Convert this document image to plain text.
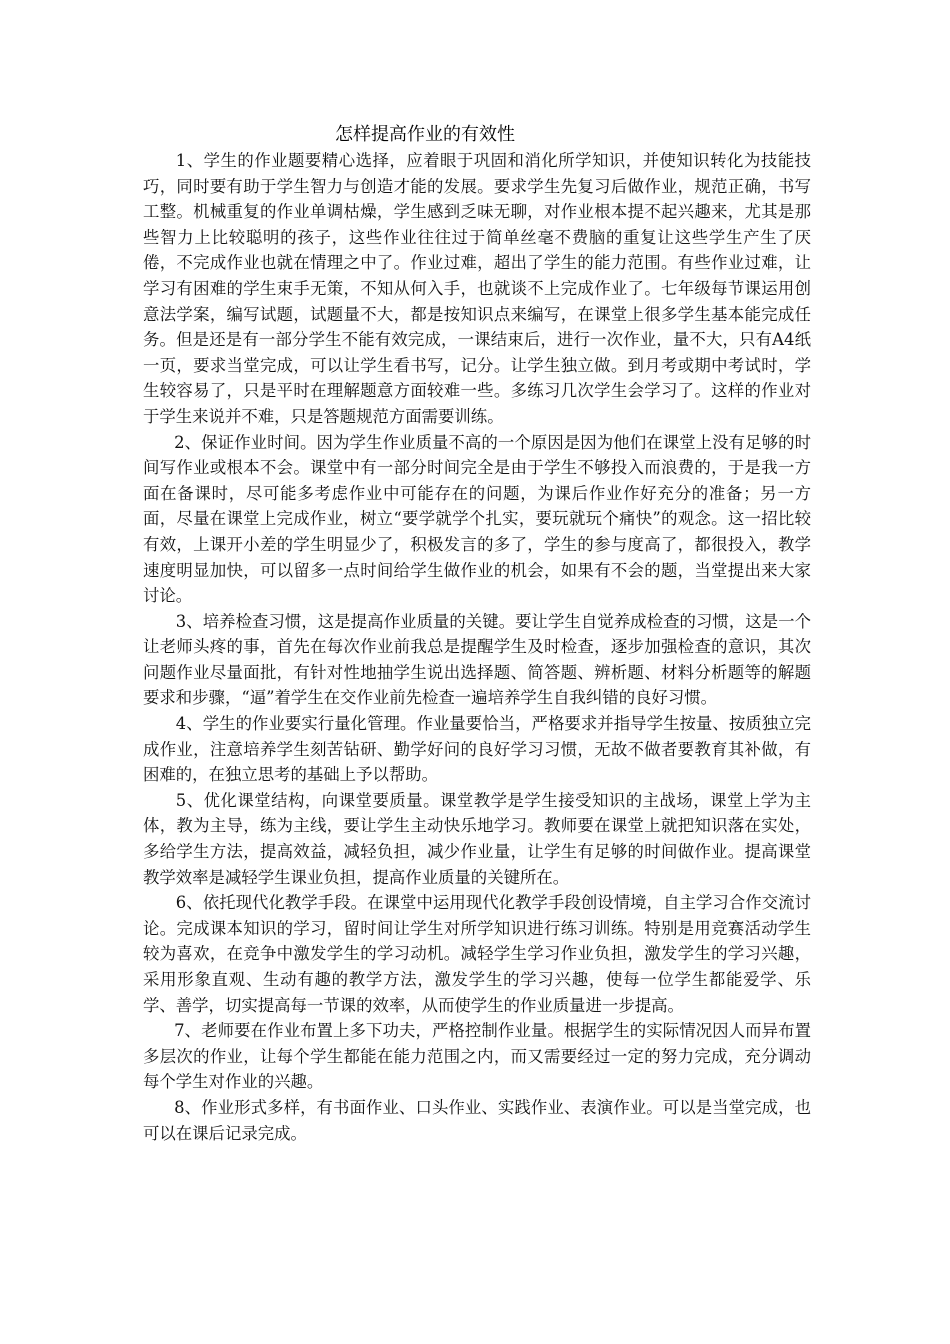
怎样提高作业的有效性

1、学生的作业题要精心选择，应着眼于巩固和消化所学知识，并使知识转化为技能技巧，同时要有助于学生智力与创造才能的发展。要求学生先复习后做作业，规范正确，书写工整。机械重复的作业单调枯燥，学生感到乏味无聊，对作业根本提不起兴趣来，尤其是那些智力上比较聪明的孩子，这些作业往往过于简单丝毫不费脑的重复让这些学生产生了厌倦，不完成作业也就在情理之中了。作业过难，超出了学生的能力范围。有些作业过难，让学习有困难的学生束手无策，不知从何入手，也就谈不上完成作业了。七年级每节课运用创意法学案，编写试题，试题量不大，都是按知识点来编写，在课堂上很多学生基本能完成任务。但是还是有一部分学生不能有效完成，一课结束后，进行一次作业，量不大，只有A4纸一页，要求当堂完成，可以让学生看书写，记分。让学生独立做。到月考或期中考试时，学生较容易了，只是平时在理解题意方面较难一些。多练习几次学生会学习了。这样的作业对于学生来说并不难，只是答题规范方面需要训练。

2、保证作业时间。因为学生作业质量不高的一个原因是因为他们在课堂上没有足够的时间写作业或根本不会。课堂中有一部分时间完全是由于学生不够投入而浪费的，于是我一方面在备课时，尽可能多考虑作业中可能存在的问题，为课后作业作好充分的准备；另一方面，尽量在课堂上完成作业，树立“要学就学个扎实，要玩就玩个痛快”的观念。这一招比较有效，上课开小差的学生明显少了，积极发言的多了，学生的参与度高了，都很投入，教学速度明显加快，可以留多一点时间给学生做作业的机会，如果有不会的题，当堂提出来大家讨论。

3、培养检查习惯，这是提高作业质量的关键。要让学生自觉养成检查的习惯，这是一个让老师头疼的事，首先在每次作业前我总是提醒学生及时检查，逐步加强检查的意识，其次问题作业尽量面批，有针对性地抽学生说出选择题、简答题、辨析题、材料分析题等的解题要求和步骤，“逼”着学生在交作业前先检查一遍培养学生自我纠错的良好习惯。

4、学生的作业要实行量化管理。作业量要恰当，严格要求并指导学生按量、按质独立完成作业，注意培养学生刻苦钻研、勤学好问的良好学习习惯，无故不做者要教育其补做，有困难的，在独立思考的基础上予以帮助。

5、优化课堂结构，向课堂要质量。课堂教学是学生接受知识的主战场，课堂上学为主体，教为主导，练为主线，要让学生主动快乐地学习。教师要在课堂上就把知识落在实处，多给学生方法，提高效益，减轻负担，减少作业量，让学生有足够的时间做作业。提高课堂教学效率是减轻学生课业负担，提高作业质量的关键所在。

6、依托现代化教学手段。在课堂中运用现代化教学手段创设情境，自主学习合作交流讨论。完成课本知识的学习，留时间让学生对所学知识进行练习训练。特别是用竞赛活动学生较为喜欢，在竞争中激发学生的学习动机。减轻学生学习作业负担，激发学生的学习兴趣，采用形象直观、生动有趣的教学方法，激发学生的学习兴趣，使每一位学生都能爱学、乐学、善学，切实提高每一节课的效率，从而使学生的作业质量进一步提高。

7、老师要在作业布置上多下功夫，严格控制作业量。根据学生的实际情况因人而异布置多层次的作业，让每个学生都能在能力范围之内，而又需要经过一定的努力完成，充分调动每个学生对作业的兴趣。

8、作业形式多样，有书面作业、口头作业、实践作业、表演作业。可以是当堂完成，也可以在课后记录完成。
